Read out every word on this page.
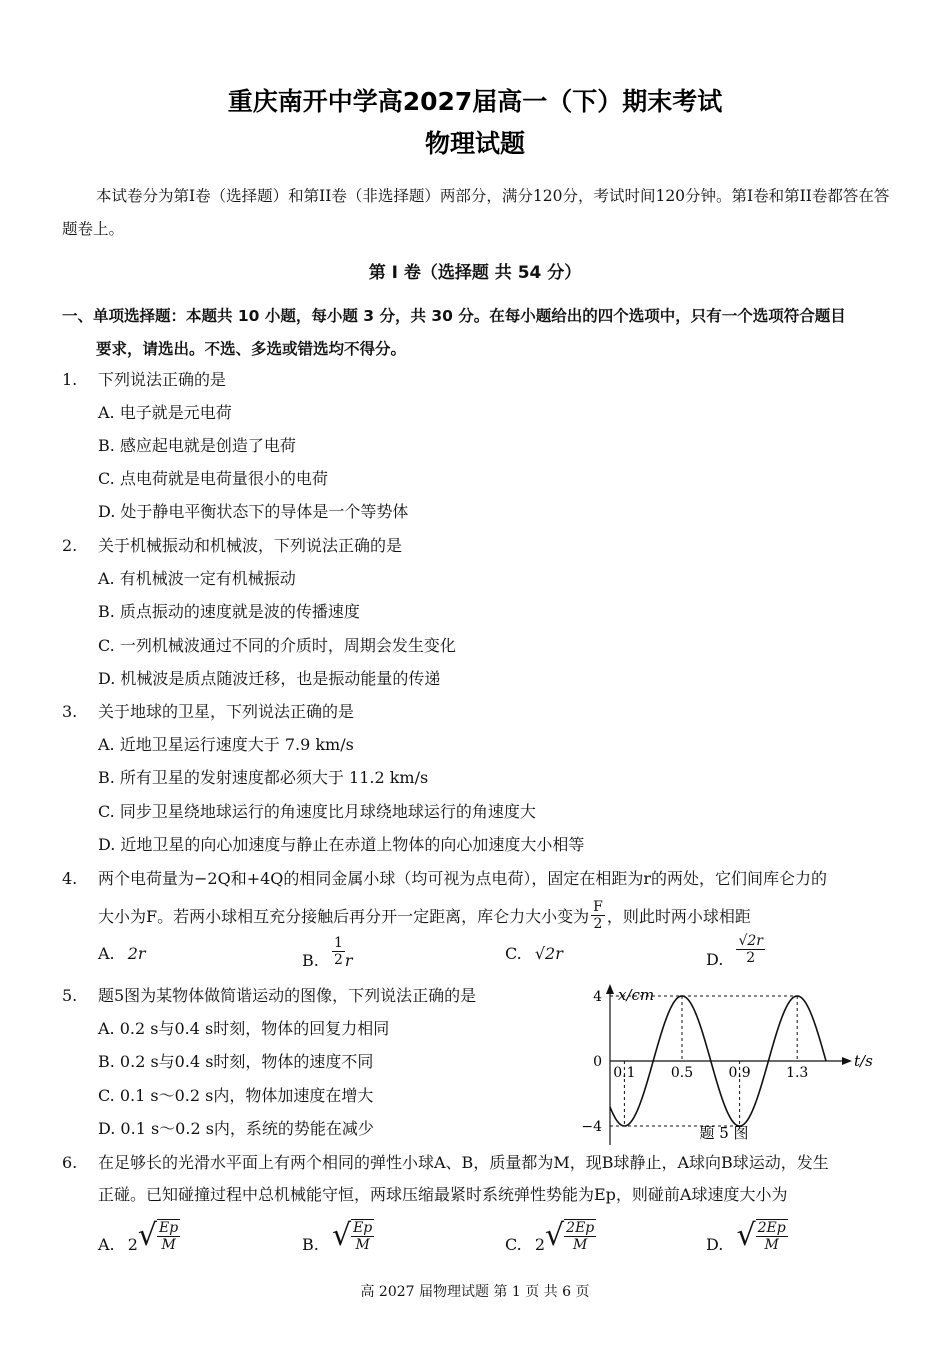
重庆南开中学高2027届高一（下）期末考试
物理试题
本试卷分为第I卷（选择题）和第II卷（非选择题）两部分，满分120分，考试时间120分钟。第I卷和第II卷都答在答题卷上。
第 I 卷（选择题 共 54 分）
一、单项选择题：本题共 10 小题，每小题 3 分，共 30 分。在每小题给出的四个选项中，只有一个选项符合题目
要求，请选出。不选、多选或错选均不得分。
1. 下列说法正确的是
A. 电子就是元电荷
B. 感应起电就是创造了电荷
C. 点电荷就是电荷量很小的电荷
D. 处于静电平衡状态下的导体是一个等势体
2. 关于机械振动和机械波，下列说法正确的是
A. 有机械波一定有机械振动
B. 质点振动的速度就是波的传播速度
C. 一列机械波通过不同的介质时，周期会发生变化
D. 机械波是质点随波迁移，也是振动能量的传递
3. 关于地球的卫星，下列说法正确的是
A. 近地卫星运行速度大于 7.9 km/s
B. 所有卫星的发射速度都必须大于 11.2 km/s
C. 同步卫星绕地球运行的角速度比月球绕地球运行的角速度大
D. 近地卫星的向心加速度与静止在赤道上物体的向心加速度大小相等
4. 两个电荷量为−2Q和+4Q的相同金属小球（均可视为点电荷），固定在相距为r的两处，它们间库仑力的
大小为F。若两小球相互充分接触后再分开一定距离，库仑力大小变为 $\frac{F}{2}$ ，则此时两小球相距
A. 2r	B. $\frac{1}{2}$ r	C. √2r	D. $\frac{√2r}{2}$
5. 题5图为某物体做简谐运动的图像，下列说法正确的是
A. 0.2 s与0.4 s时刻，物体的回复力相同
B. 0.2 s与0.4 s时刻，物体的速度不同
C. 0.1 s～0.2 s内，物体加速度在增大
D. 0.1 s～0.2 s内，系统的势能在减少
x/cm
t/s
4
0
−4
0.1	0.5	0.9	1.3
题 5 图
6. 在足够长的光滑水平面上有两个相同的弹性小球A、B，质量都为M，现B球静止，A球向B球运动，发生
正碰。已知碰撞过程中总机械能守恒，两球压缩最紧时系统弹性势能为Ep，则碰前A球速度大小为
A. $2√ \frac{Ep}{M}$	B. √ $\frac{Ep}{M}$	C. $2√ \frac{2Ep}{M}$	D. √ $\frac{2Ep}{M}$
高 2027 届物理试题 第 1 页 共 6 页
